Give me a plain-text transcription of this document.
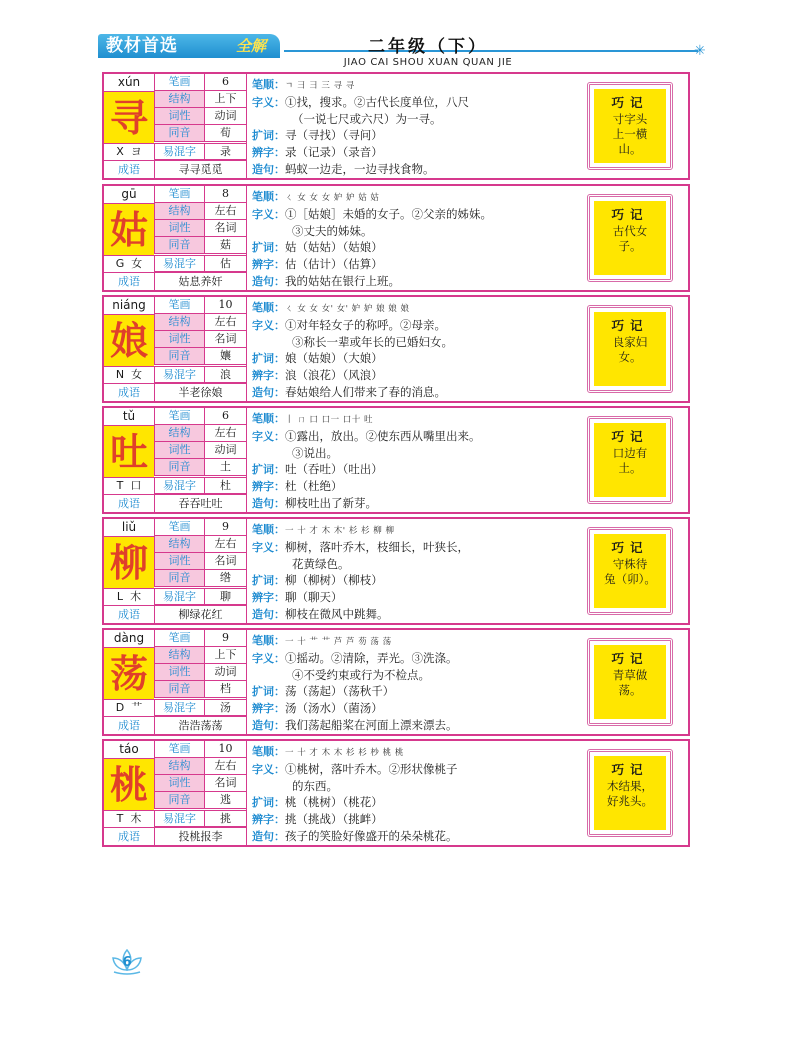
教材首选	全解	✳
二年级（下）
JIAO CAI SHOU XUAN QUAN JIE
xún
寻
笔画	6
结构	上下
词性	动词
同音	荀
X ヨ	易混字	录
成语	寻寻觅觅
笔顺：ㄱ ⺕ ⺕ 三 寻 寻
字义：①找，搜求。②古代长度单位，八尺
（一说七尺或六尺）为一寻。
扩词：寻（寻找）（寻问）
辨字：录（记录）（录音）
造句：蚂蚁一边走，一边寻找食物。
巧记
寸字头
上一横
山。
gū
姑
笔画	8
结构	左右
词性	名词
同音	菇
G 女	易混字	估
成语	姑息养奸
笔顺：ㄑ 女 女 女 妒 妒 姑 姑
字义：①［姑娘］未婚的女子。②父亲的姊妹。
③丈夫的姊妹。
扩词：姑（姑姑）（姑娘）
辨字：估（估计）（估算）
造句：我的姑姑在银行上班。
巧记
古代女
子。
niáng
娘
笔画	10
结构	左右
词性	名词
同音	孃
N 女	易混字	浪
成语	半老徐娘
笔顺：ㄑ 女 女 女' 女' 妒 妒 娘 娘 娘
字义：①对年轻女子的称呼。②母亲。
③称长一辈或年长的已婚妇女。
扩词：娘（姑娘）（大娘）
辨字：浪（浪花）（风浪）
造句：春姑娘给人们带来了春的消息。
巧记
良家妇
女。
tǔ
吐
笔画	6
结构	左右
词性	动词
同音	土
T 口	易混字	杜
成语	吞吞吐吐
笔顺：丨 ㄇ 口 口一 口十 吐
字义：①露出，放出。②使东西从嘴里出来。
③说出。
扩词：吐（吞吐）（吐出）
辨字：杜（杜绝）
造句：柳枝吐出了新芽。
巧记
口边有
土。
liǔ
柳
笔画	9
结构	左右
词性	名词
同音	绺
L 木	易混字	聊
成语	柳绿花红
笔顺：一 十 才 木 木' 杉 杉 柳 柳
字义：柳树，落叶乔木，枝细长，叶狭长，
花黄绿色。
扩词：柳（柳树）（柳枝）
辨字：聊（聊天）
造句：柳枝在微风中跳舞。
巧记
守株待
兔（卯）。
dàng
荡
笔画	9
结构	上下
词性	动词
同音	档
D 艹	易混字	汤
成语	浩浩荡荡
笔顺：一 十 艹 艹 芦 芦 芴 荡 荡
字义：①摇动。②清除，弄光。③洗涤。
④不受约束或行为不检点。
扩词：荡（荡起）（荡秋千）
辨字：汤（汤水）（菌汤）
造句：我们荡起船桨在河面上漂来漂去。
巧记
青草做
荡。
táo
桃
笔画	10
结构	左右
词性	名词
同音	逃
T 木	易混字	挑
成语	投桃报李
笔顺：一 十 才 木 木 杉 杉 杪 桃 桃
字义：①桃树，落叶乔木。②形状像桃子
的东西。
扩词：桃（桃树）（桃花）
辨字：挑（挑战）（挑衅）
造句：孩子的笑脸好像盛开的朵朵桃花。
巧记
木结果，
好兆头。
6
